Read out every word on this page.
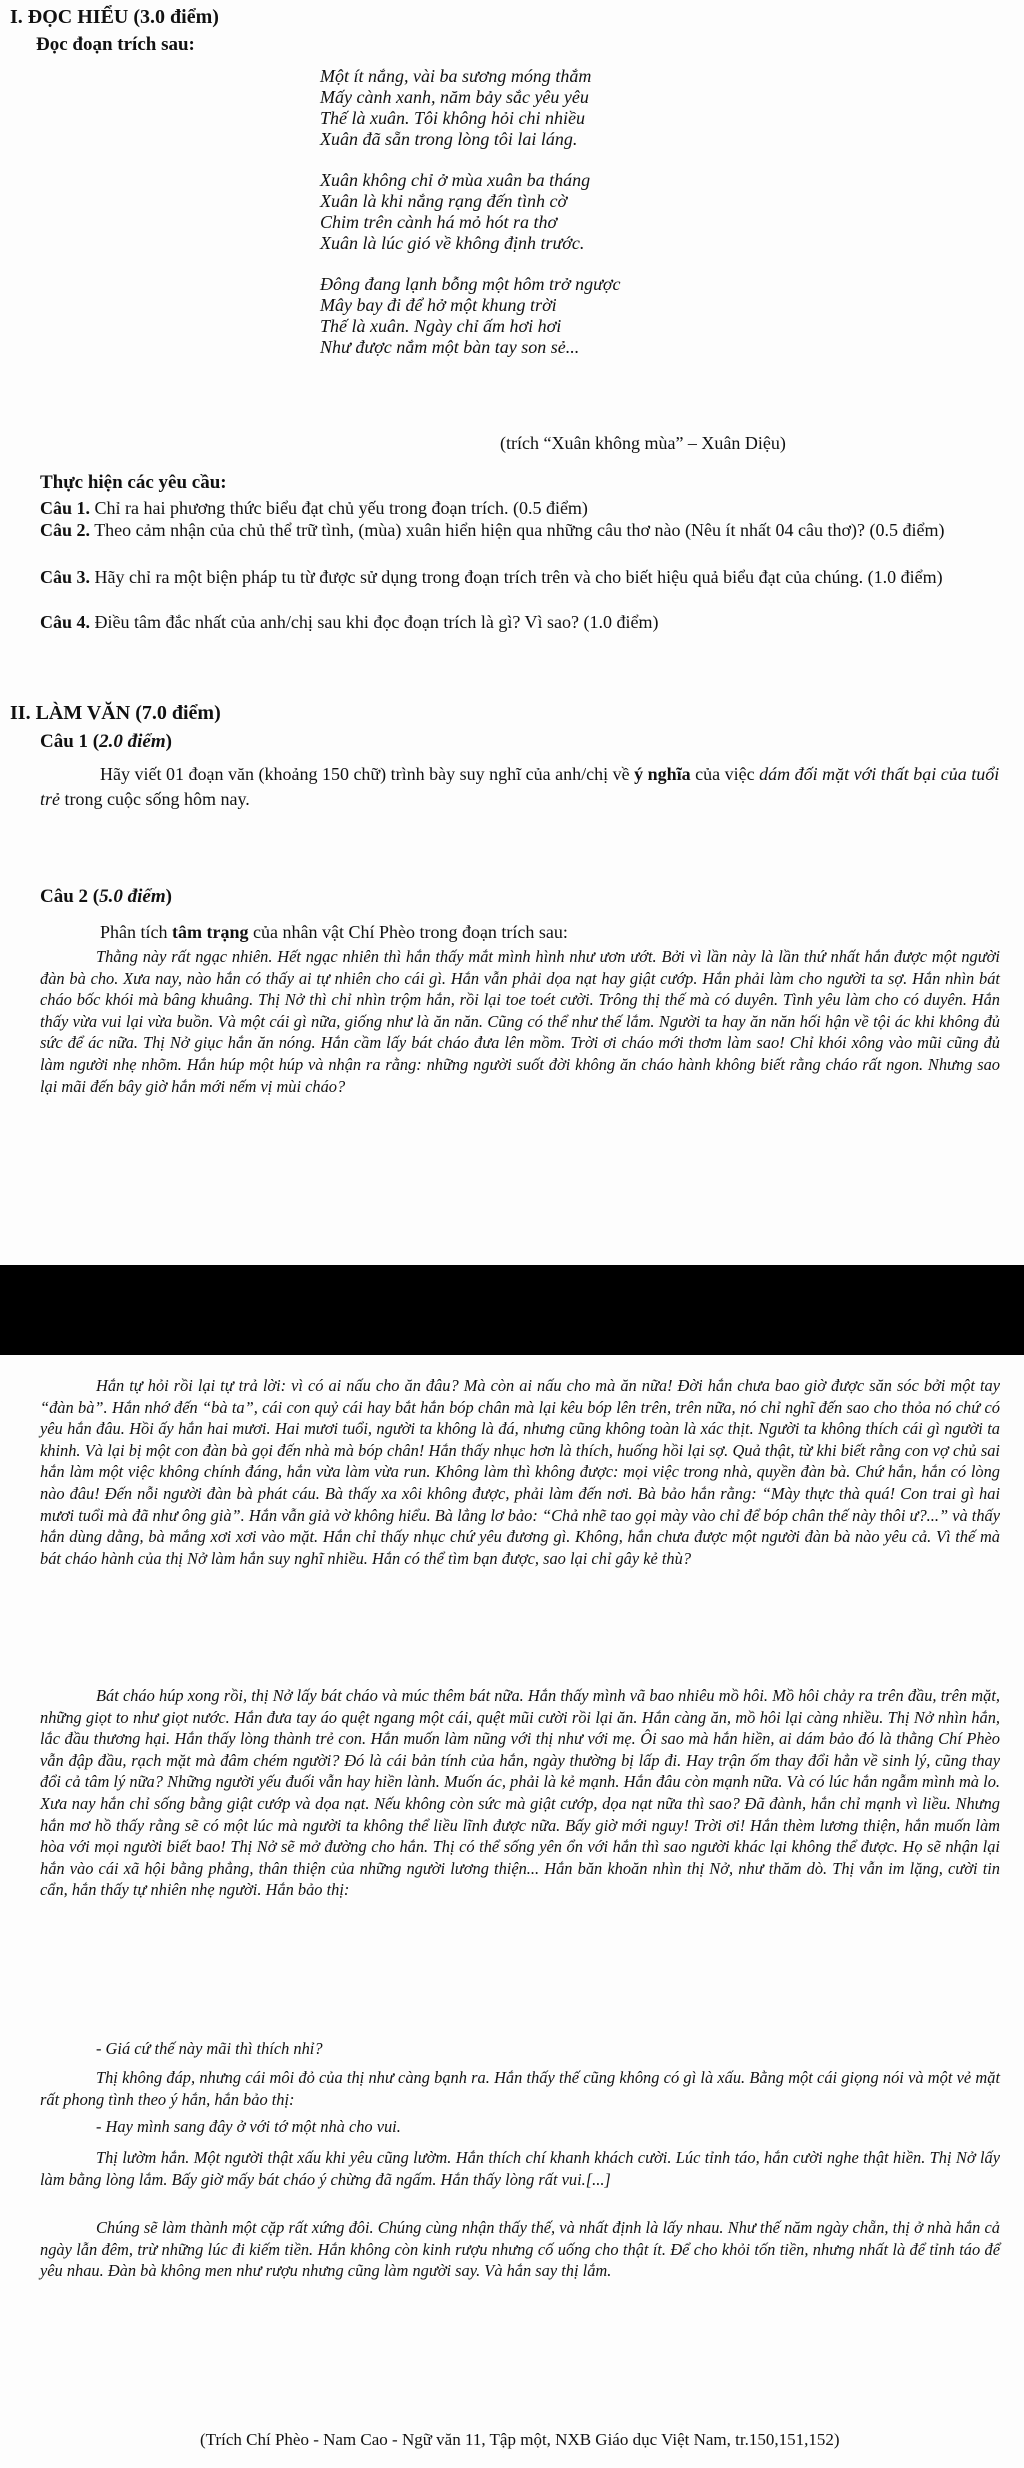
I. ĐỌC HIỂU (3.0 điểm)

Đọc đoạn trích sau:

Một ít nắng, vài ba sương móng thắm
Mấy cành xanh, năm bảy sắc yêu yêu
Thế là xuân. Tôi không hỏi chi nhiều
Xuân đã sẵn trong lòng tôi lai láng.
Xuân không chỉ ở mùa xuân ba tháng
Xuân là khi nắng rạng đến tình cờ
Chim trên cành há mỏ hót ra thơ
Xuân là lúc gió về không định trước.
Đông đang lạnh bỗng một hôm trở ngược
Mây bay đi để hở một khung trời
Thế là xuân. Ngày chỉ ấm hơi hơi
Như được nắm một bàn tay son sẻ...
(trích “Xuân không mùa” – Xuân Diệu)

Thực hiện các yêu cầu:

Câu 1. Chỉ ra hai phương thức biểu đạt chủ yếu trong đoạn trích. (0.5 điểm)

Câu 2. Theo cảm nhận của chủ thể trữ tình, (mùa) xuân hiển hiện qua những câu thơ nào (Nêu ít nhất 04 câu thơ)? (0.5 điểm)

Câu 3. Hãy chỉ ra một biện pháp tu từ được sử dụng trong đoạn trích trên và cho biết hiệu quả biểu đạt của chúng. (1.0 điểm)

Câu 4. Điều tâm đắc nhất của anh/chị sau khi đọc đoạn trích là gì? Vì sao? (1.0 điểm)

II. LÀM VĂN (7.0 điểm)

Câu 1 (2.0 điểm)

Hãy viết 01 đoạn văn (khoảng 150 chữ) trình bày suy nghĩ của anh/chị về ý nghĩa của việc dám đối mặt với thất bại của tuổi trẻ trong cuộc sống hôm nay.

Câu 2 (5.0 điểm)

Phân tích tâm trạng của nhân vật Chí Phèo trong đoạn trích sau:

Thằng này rất ngạc nhiên. Hết ngạc nhiên thì hắn thấy mắt mình hình như ươn ướt. Bởi vì lần này là lần thứ nhất hắn được một người đàn bà cho. Xưa nay, nào hắn có thấy ai tự nhiên cho cái gì. Hắn vẫn phải dọa nạt hay giật cướp. Hắn phải làm cho người ta sợ. Hắn nhìn bát cháo bốc khói mà bâng khuâng. Thị Nở thì chỉ nhìn trộm hắn, rồi lại toe toét cười. Trông thị thế mà có duyên. Tình yêu làm cho có duyên. Hắn thấy vừa vui lại vừa buồn. Và một cái gì nữa, giống như là ăn năn. Cũng có thể như thế lắm. Người ta hay ăn năn hối hận về tội ác khi không đủ sức để ác nữa. Thị Nở giục hắn ăn nóng. Hắn cầm lấy bát cháo đưa lên mồm. Trời ơi cháo mới thơm làm sao! Chỉ khói xông vào mũi cũng đủ làm người nhẹ nhõm. Hắn húp một húp và nhận ra rằng: những người suốt đời không ăn cháo hành không biết rằng cháo rất ngon. Nhưng sao lại mãi đến bây giờ hắn mới nếm vị mùi cháo?

Hắn tự hỏi rồi lại tự trả lời: vì có ai nấu cho ăn đâu? Mà còn ai nấu cho mà ăn nữa! Đời hắn chưa bao giờ được săn sóc bởi một tay “đàn bà”. Hắn nhớ đến “bà ta”, cái con quỷ cái hay bắt hắn bóp chân mà lại kêu bóp lên trên, trên nữa, nó chỉ nghĩ đến sao cho thỏa nó chứ có yêu hắn đâu. Hồi ấy hắn hai mươi. Hai mươi tuổi, người ta không là đá, nhưng cũng không toàn là xác thịt. Người ta không thích cái gì người ta khinh. Và lại bị một con đàn bà gọi đến nhà mà bóp chân! Hắn thấy nhục hơn là thích, huống hồi lại sợ. Quả thật, từ khi biết rằng con vợ chủ sai hắn làm một việc không chính đáng, hắn vừa làm vừa run. Không làm thì không được: mọi việc trong nhà, quyền đàn bà. Chứ hắn, hắn có lòng nào đâu! Đến nỗi người đàn bà phát cáu. Bà thấy xa xôi không được, phải làm đến nơi. Bà bảo hắn rằng: “Mày thực thà quá! Con trai gì hai mươi tuổi mà đã như ông già”. Hắn vẫn giả vờ không hiểu. Bà lẳng lơ bảo: “Chả nhẽ tao gọi mày vào chỉ để bóp chân thế này thôi ư?...” và thấy hắn dùng dằng, bà mắng xơi xơi vào mặt. Hắn chỉ thấy nhục chứ yêu đương gì. Không, hắn chưa được một người đàn bà nào yêu cả. Vì thế mà bát cháo hành của thị Nở làm hắn suy nghĩ nhiều. Hắn có thể tìm bạn được, sao lại chỉ gây kẻ thù?

Bát cháo húp xong rồi, thị Nở lấy bát cháo và múc thêm bát nữa. Hắn thấy mình vã bao nhiêu mồ hôi. Mồ hôi chảy ra trên đầu, trên mặt, những giọt to như giọt nước. Hắn đưa tay áo quệt ngang một cái, quệt mũi cười rồi lại ăn. Hắn càng ăn, mồ hôi lại càng nhiều. Thị Nở nhìn hắn, lắc đầu thương hại. Hắn thấy lòng thành trẻ con. Hắn muốn làm nũng với thị như với mẹ. Ôi sao mà hắn hiền, ai dám bảo đó là thằng Chí Phèo vẫn đập đầu, rạch mặt mà đâm chém người? Đó là cái bản tính của hắn, ngày thường bị lấp đi. Hay trận ốm thay đổi hẳn về sinh lý, cũng thay đổi cả tâm lý nữa? Những người yếu đuối vẫn hay hiền lành. Muốn ác, phải là kẻ mạnh. Hắn đâu còn mạnh nữa. Và có lúc hắn ngẫm mình mà lo. Xưa nay hắn chỉ sống bằng giật cướp và dọa nạt. Nếu không còn sức mà giật cướp, dọa nạt nữa thì sao? Đã đành, hắn chỉ mạnh vì liều. Nhưng hắn mơ hồ thấy rằng sẽ có một lúc mà người ta không thể liều lĩnh được nữa. Bấy giờ mới nguy! Trời ơi! Hắn thèm lương thiện, hắn muốn làm hòa với mọi người biết bao! Thị Nở sẽ mở đường cho hắn. Thị có thể sống yên ổn với hắn thì sao người khác lại không thể được. Họ sẽ nhận lại hắn vào cái xã hội bằng phẳng, thân thiện của những người lương thiện... Hắn băn khoăn nhìn thị Nở, như thăm dò. Thị vẫn im lặng, cười tin cẩn, hắn thấy tự nhiên nhẹ người. Hắn bảo thị:

- Giá cứ thế này mãi thì thích nhỉ?

Thị không đáp, nhưng cái môi đỏ của thị như càng bạnh ra. Hắn thấy thế cũng không có gì là xấu. Bằng một cái giọng nói và một vẻ mặt rất phong tình theo ý hắn, hắn bảo thị:

- Hay mình sang đây ở với tớ một nhà cho vui.

Thị lườm hắn. Một người thật xấu khi yêu cũng lườm. Hắn thích chí khanh khách cười. Lúc tỉnh táo, hắn cười nghe thật hiền. Thị Nở lấy làm bằng lòng lắm. Bấy giờ mấy bát cháo ý chừng đã ngấm. Hắn thấy lòng rất vui.[...]

Chúng sẽ làm thành một cặp rất xứng đôi. Chúng cùng nhận thấy thế, và nhất định là lấy nhau. Như thế năm ngày chẵn, thị ở nhà hắn cả ngày lẫn đêm, trừ những lúc đi kiếm tiền. Hắn không còn kinh rượu nhưng cố uống cho thật ít. Để cho khỏi tốn tiền, nhưng nhất là để tỉnh táo để yêu nhau. Đàn bà không men như rượu nhưng cũng làm người say. Và hắn say thị lắm.

(Trích Chí Phèo - Nam Cao - Ngữ văn 11, Tập một, NXB Giáo dục Việt Nam, tr.150,151,152)
